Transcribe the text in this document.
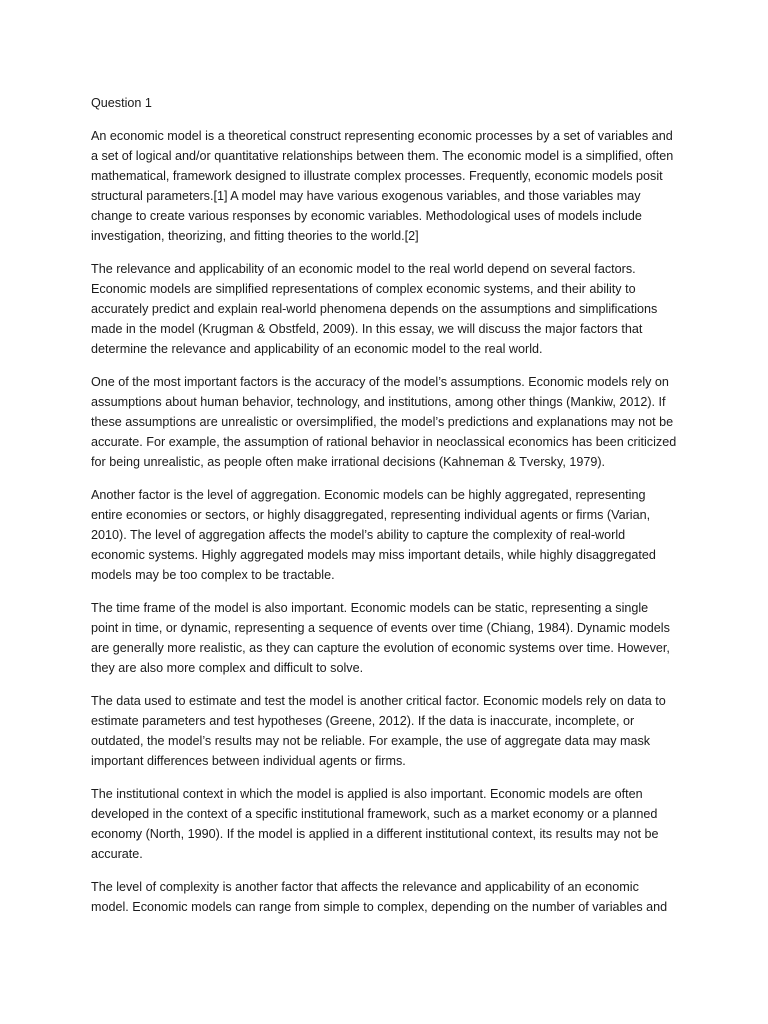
Question 1

An economic model is a theoretical construct representing economic processes by a set of variables and a set of logical and/or quantitative relationships between them. The economic model is a simplified, often mathematical, framework designed to illustrate complex processes. Frequently, economic models posit structural parameters.[1] A model may have various exogenous variables, and those variables may change to create various responses by economic variables. Methodological uses of models include investigation, theorizing, and fitting theories to the world.[2]

The relevance and applicability of an economic model to the real world depend on several factors. Economic models are simplified representations of complex economic systems, and their ability to accurately predict and explain real-world phenomena depends on the assumptions and simplifications made in the model (Krugman & Obstfeld, 2009). In this essay, we will discuss the major factors that determine the relevance and applicability of an economic model to the real world.

One of the most important factors is the accuracy of the model’s assumptions. Economic models rely on assumptions about human behavior, technology, and institutions, among other things (Mankiw, 2012). If these assumptions are unrealistic or oversimplified, the model’s predictions and explanations may not be accurate. For example, the assumption of rational behavior in neoclassical economics has been criticized for being unrealistic, as people often make irrational decisions (Kahneman & Tversky, 1979).

Another factor is the level of aggregation. Economic models can be highly aggregated, representing entire economies or sectors, or highly disaggregated, representing individual agents or firms (Varian, 2010). The level of aggregation affects the model’s ability to capture the complexity of real-world economic systems. Highly aggregated models may miss important details, while highly disaggregated models may be too complex to be tractable.

The time frame of the model is also important. Economic models can be static, representing a single point in time, or dynamic, representing a sequence of events over time (Chiang, 1984). Dynamic models are generally more realistic, as they can capture the evolution of economic systems over time. However, they are also more complex and difficult to solve.

The data used to estimate and test the model is another critical factor. Economic models rely on data to estimate parameters and test hypotheses (Greene, 2012). If the data is inaccurate, incomplete, or outdated, the model’s results may not be reliable. For example, the use of aggregate data may mask important differences between individual agents or firms.

The institutional context in which the model is applied is also important. Economic models are often developed in the context of a specific institutional framework, such as a market economy or a planned economy (North, 1990). If the model is applied in a different institutional context, its results may not be accurate.

The level of complexity is another factor that affects the relevance and applicability of an economic model. Economic models can range from simple to complex, depending on the number of variables and
